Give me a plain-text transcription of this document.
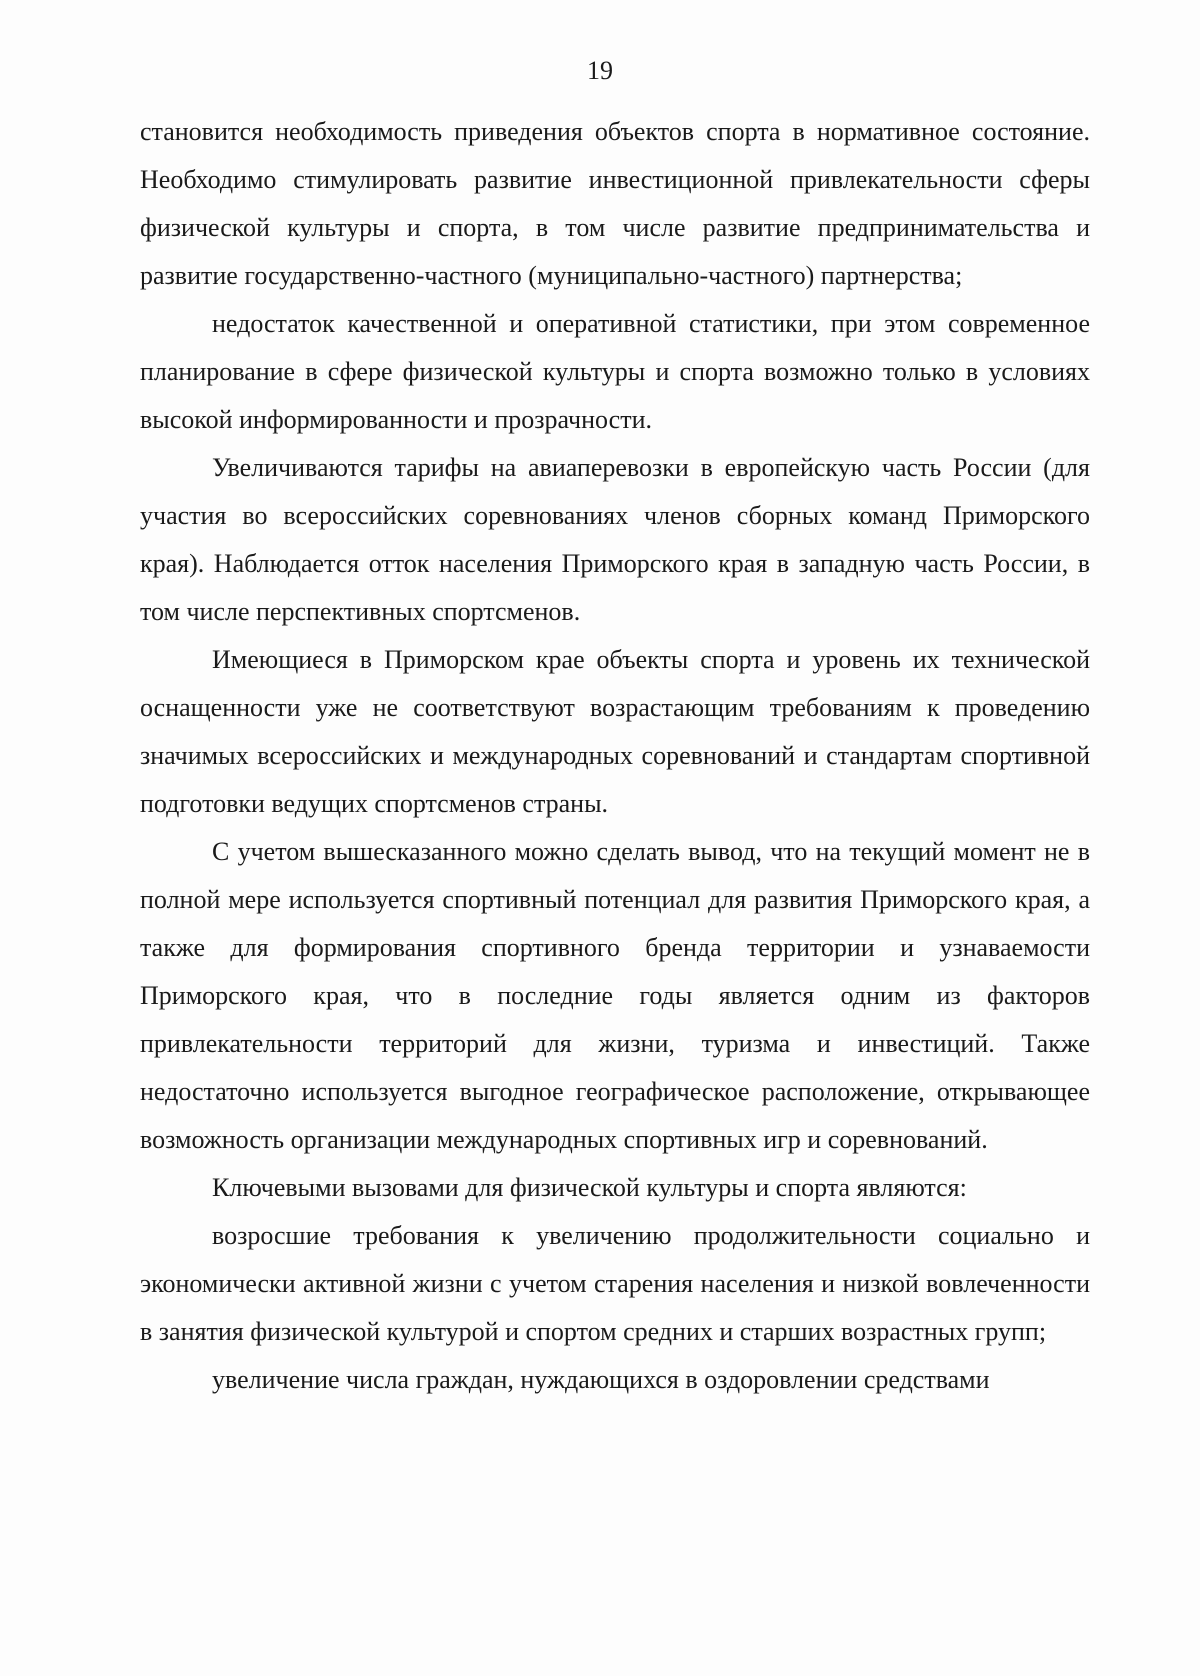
19

становится необходимость приведения объектов спорта в нормативное состояние. Необходимо стимулировать развитие инвестиционной привлекательности сферы физической культуры и спорта, в том числе развитие предпринимательства и развитие государственно-частного (муниципально-частного) партнерства;

недостаток качественной и оперативной статистики, при этом современное планирование в сфере физической культуры и спорта возможно только в условиях высокой информированности и прозрачности.

Увеличиваются тарифы на авиаперевозки в европейскую часть России (для участия во всероссийских соревнованиях членов сборных команд Приморского края). Наблюдается отток населения Приморского края в западную часть России, в том числе перспективных спортсменов.

Имеющиеся в Приморском крае объекты спорта и уровень их технической оснащенности уже не соответствуют возрастающим требованиям к проведению значимых всероссийских и международных соревнований и стандартам спортивной подготовки ведущих спортсменов страны.

С учетом вышесказанного можно сделать вывод, что на текущий момент не в полной мере используется спортивный потенциал для развития Приморского края, а также для формирования спортивного бренда территории и узнаваемости Приморского края, что в последние годы является одним из факторов привлекательности территорий для жизни, туризма и инвестиций. Также недостаточно используется выгодное географическое расположение, открывающее возможность организации международных спортивных игр и соревнований.

Ключевыми вызовами для физической культуры и спорта являются:

возросшие требования к увеличению продолжительности социально и экономически активной жизни с учетом старения населения и низкой вовлеченности в занятия физической культурой и спортом средних и старших возрастных групп;

увеличение числа граждан, нуждающихся в оздоровлении средствами
